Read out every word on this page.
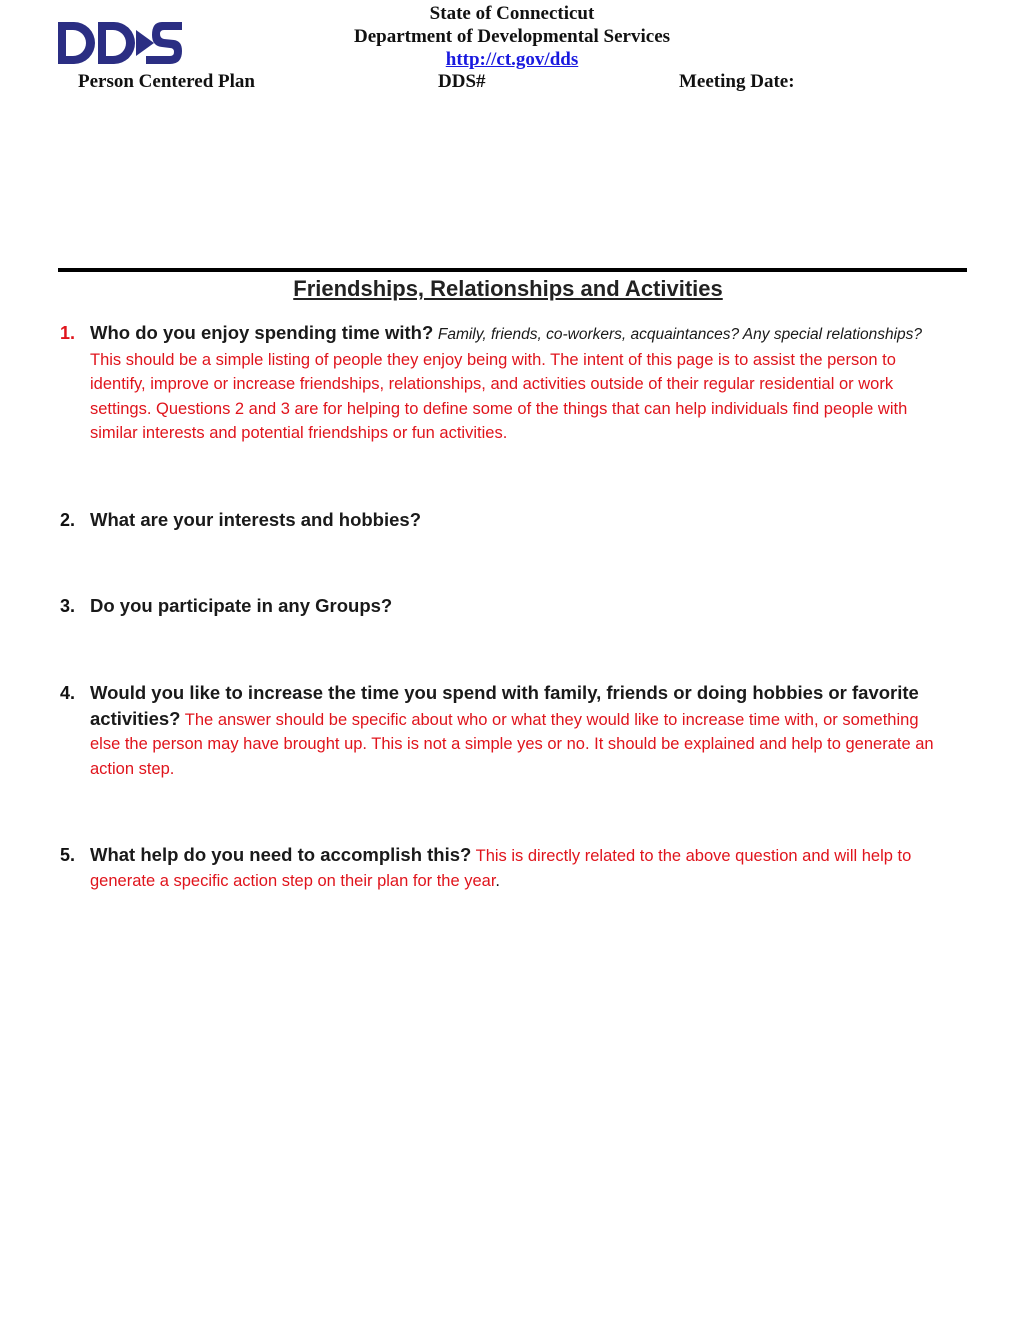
State of Connecticut
Department of Developmental Services
http://ct.gov/dds
Person Centered Plan	DDS#	Meeting Date:
Friendships, Relationships and Activities
1. Who do you enjoy spending time with? Family, friends, co-workers, acquaintances? Any special relationships? This should be a simple listing of people they enjoy being with. The intent of this page is to assist the person to identify, improve or increase friendships, relationships, and activities outside of their regular residential or work settings. Questions 2 and 3 are for helping to define some of the things that can help individuals find people with similar interests and potential friendships or fun activities.
2. What are your interests and hobbies?
3. Do you participate in any Groups?
4. Would you like to increase the time you spend with family, friends or doing hobbies or favorite activities? The answer should be specific about who or what they would like to increase time with, or something else the person may have brought up. This is not a simple yes or no. It should be explained and help to generate an action step.
5. What help do you need to accomplish this? This is directly related to the above question and will help to generate a specific action step on their plan for the year.
